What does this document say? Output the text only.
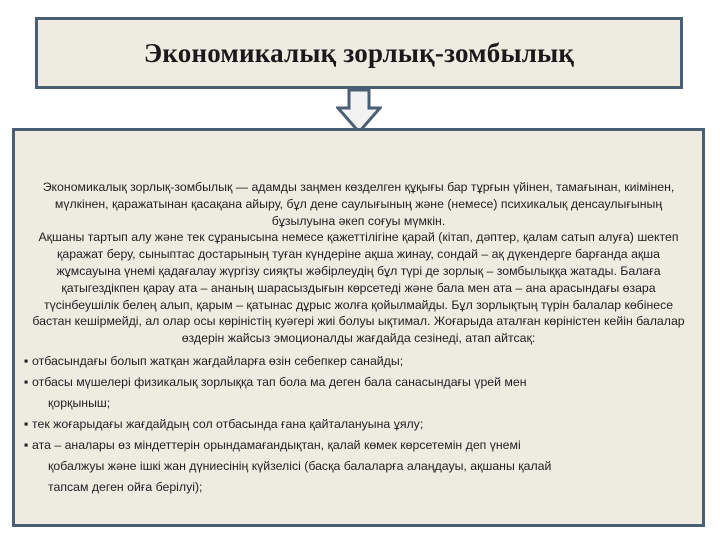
Экономикалық зорлық-зомбылық

Экономикалық зорлық-зомбылық — адамды заңмен көзделген құқығы бар тұрғын үйінен, тамағынан, киімінен, мүлкінен, қаражатынан қасақана айыру, бұл дене саулығының және (немесе) психикалық денсаулығының бұзылуына әкеп соғуы мүмкін.

Ақшаны тартып алу және тек сұранысына немесе қажеттілігіне қарай (кітап, дәптер, қалам сатып алуға) шектеп қаражат беру, сыныптас достарының туған күндеріне ақша жинау, сондай – ақ дүкендерге барғанда ақша жұмсауына үнемі қадағалау жүргізу сияқты жәбірлеудің бұл түрі де зорлық – зомбылыққа жатады. Балаға қатыгездікпен қарау ата – ананың шарасыздығын көрсетеді және бала мен ата – ана арасындағы өзара түсінбеушілік белең алып, қарым – қатынас дұрыс жолға қойылмайды. Бұл зорлықтың түрін балалар көбінесе бастан кешірмейді, ал олар осы көріністің куәгері жиі болуы ықтимал. Жоғарыда аталған көріністен кейін балалар өздерін жайсыз эмоционалды жағдайда сезінеді, атап айтсақ:

▪ отбасындағы болып жатқан жағдайларға өзін себепкер санайды;
▪ отбасы мүшелері физикалық зорлыққа тап бола ма деген бала санасындағы үрей мен
қорқыныш;
▪ тек жоғарыдағы жағдайдың сол отбасында ғана қайталануына ұялу;
▪ ата – аналары өз міндеттерін орындамағандықтан, қалай көмек көрсетемін деп үнемі
қобалжуы және ішкі жан дүниесінің күйзелісі (басқа балаларға алаңдауы, ақшаны қалай
тапсам деген ойға берілуі);
